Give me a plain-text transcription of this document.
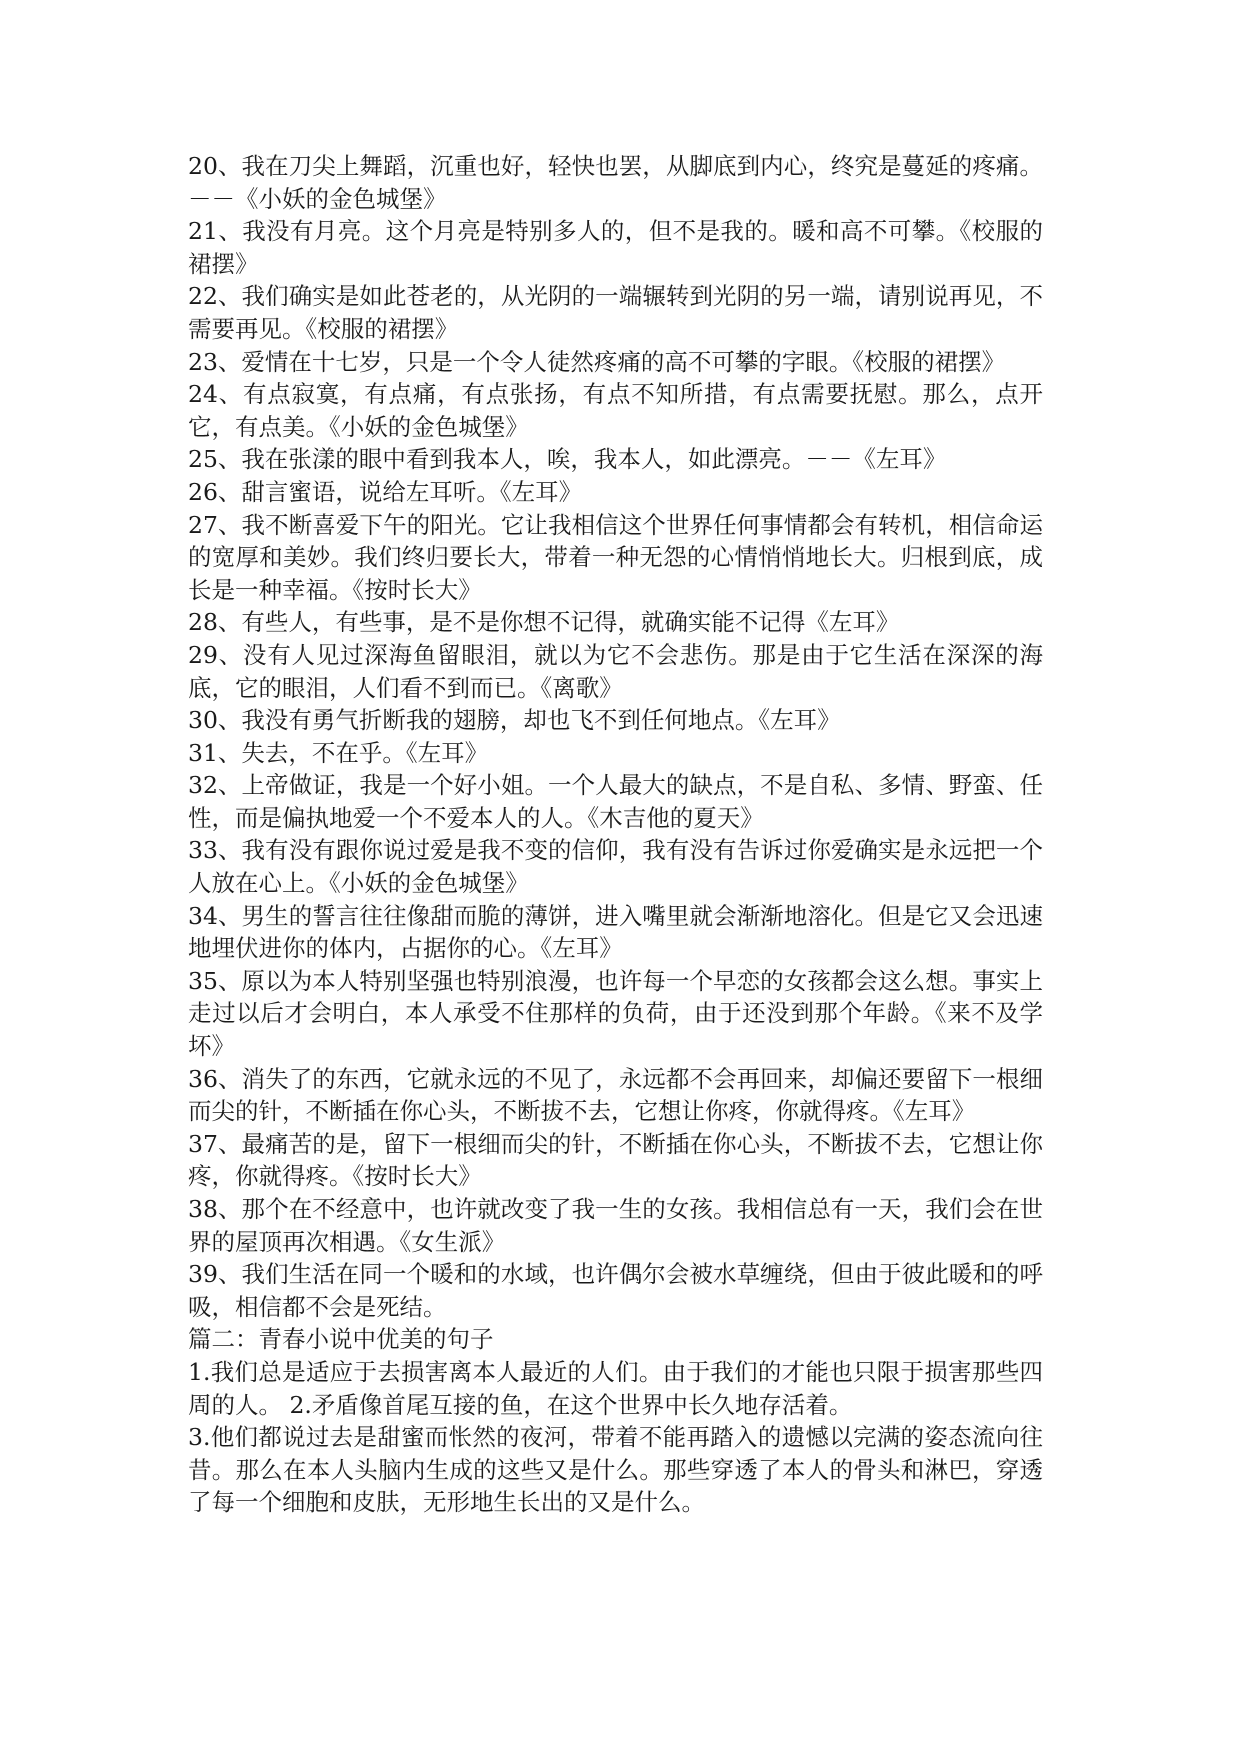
20、我在刀尖上舞蹈，沉重也好，轻快也罢，从脚底到内心，终究是蔓延的疼痛。－－《小妖的金色城堡》

21、我没有月亮。这个月亮是特别多人的，但不是我的。暖和高不可攀。《校服的裙摆》

22、我们确实是如此苍老的，从光阴的一端辗转到光阴的另一端，请别说再见，不需要再见。《校服的裙摆》

23、爱情在十七岁，只是一个令人徒然疼痛的高不可攀的字眼。《校服的裙摆》

24、有点寂寞，有点痛，有点张扬，有点不知所措，有点需要抚慰。那么，点开它，有点美。《小妖的金色城堡》

25、我在张漾的眼中看到我本人，唉，我本人，如此漂亮。－－《左耳》

26、甜言蜜语，说给左耳听。《左耳》

27、我不断喜爱下午的阳光。它让我相信这个世界任何事情都会有转机，相信命运的宽厚和美妙。我们终归要长大，带着一种无怨的心情悄悄地长大。归根到底，成长是一种幸福。《按时长大》

28、有些人，有些事，是不是你想不记得，就确实能不记得《左耳》

29、没有人见过深海鱼留眼泪，就以为它不会悲伤。那是由于它生活在深深的海底，它的眼泪，人们看不到而已。《离歌》

30、我没有勇气折断我的翅膀，却也飞不到任何地点。《左耳》

31、失去，不在乎。《左耳》

32、上帝做证，我是一个好小姐。一个人最大的缺点，不是自私、多情、野蛮、任性，而是偏执地爱一个不爱本人的人。《木吉他的夏天》

33、我有没有跟你说过爱是我不变的信仰，我有没有告诉过你爱确实是永远把一个人放在心上。《小妖的金色城堡》

34、男生的誓言往往像甜而脆的薄饼，进入嘴里就会渐渐地溶化。但是它又会迅速地埋伏进你的体内，占据你的心。《左耳》

35、原以为本人特别坚强也特别浪漫，也许每一个早恋的女孩都会这么想。事实上走过以后才会明白，本人承受不住那样的负荷，由于还没到那个年龄。《来不及学坏》

36、消失了的东西，它就永远的不见了，永远都不会再回来，却偏还要留下一根细而尖的针，不断插在你心头，不断拔不去，它想让你疼，你就得疼。《左耳》

37、最痛苦的是，留下一根细而尖的针，不断插在你心头，不断拔不去，它想让你疼，你就得疼。《按时长大》

38、那个在不经意中，也许就改变了我一生的女孩。我相信总有一天，我们会在世界的屋顶再次相遇。《女生派》

39、我们生活在同一个暖和的水域，也许偶尔会被水草缠绕，但由于彼此暖和的呼吸，相信都不会是死结。

篇二：青春小说中优美的句子

1.我们总是适应于去损害离本人最近的人们。由于我们的才能也只限于损害那些四周的人。 2.矛盾像首尾互接的鱼，在这个世界中长久地存活着。

3.他们都说过去是甜蜜而怅然的夜河，带着不能再踏入的遗憾以完满的姿态流向往昔。那么在本人头脑内生成的这些又是什么。那些穿透了本人的骨头和淋巴，穿透了每一个细胞和皮肤，无形地生长出的又是什么。
